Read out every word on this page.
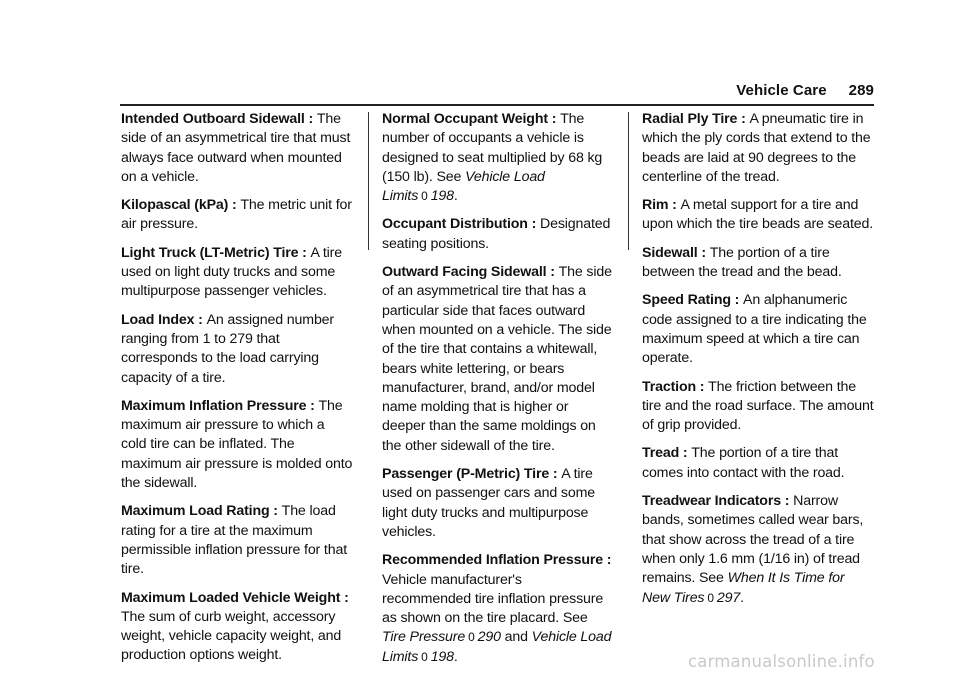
Vehicle Care 289

Intended Outboard Sidewall : The side of an asymmetrical tire that must always face outward when mounted on a vehicle.

Kilopascal (kPa) : The metric unit for air pressure.

Light Truck (LT-Metric) Tire : A tire used on light duty trucks and some multipurpose passenger vehicles.

Load Index : An assigned number ranging from 1 to 279 that corresponds to the load carrying capacity of a tire.

Maximum Inflation Pressure : The maximum air pressure to which a cold tire can be inflated. The maximum air pressure is molded onto the sidewall.

Maximum Load Rating : The load rating for a tire at the maximum permissible inflation pressure for that tire.

Maximum Loaded Vehicle Weight : The sum of curb weight, accessory weight, vehicle capacity weight, and production options weight.

Normal Occupant Weight : The number of occupants a vehicle is designed to seat multiplied by 68 kg (150 lb). See Vehicle Load Limits 0 198.

Occupant Distribution : Designated seating positions.

Outward Facing Sidewall : The side of an asymmetrical tire that has a particular side that faces outward when mounted on a vehicle. The side of the tire that contains a whitewall, bears white lettering, or bears manufacturer, brand, and/or model name molding that is higher or deeper than the same moldings on the other sidewall of the tire.

Passenger (P-Metric) Tire : A tire used on passenger cars and some light duty trucks and multipurpose vehicles.

Recommended Inflation Pressure : Vehicle manufacturer's recommended tire inflation pressure as shown on the tire placard. See Tire Pressure 0 290 and Vehicle Load Limits 0 198.

Radial Ply Tire : A pneumatic tire in which the ply cords that extend to the beads are laid at 90 degrees to the centerline of the tread.

Rim : A metal support for a tire and upon which the tire beads are seated.

Sidewall : The portion of a tire between the tread and the bead.

Speed Rating : An alphanumeric code assigned to a tire indicating the maximum speed at which a tire can operate.

Traction : The friction between the tire and the road surface. The amount of grip provided.

Tread : The portion of a tire that comes into contact with the road.

Treadwear Indicators : Narrow bands, sometimes called wear bars, that show across the tread of a tire when only 1.6 mm (1/16 in) of tread remains. See When It Is Time for New Tires 0 297.

carmanualsonline.info
